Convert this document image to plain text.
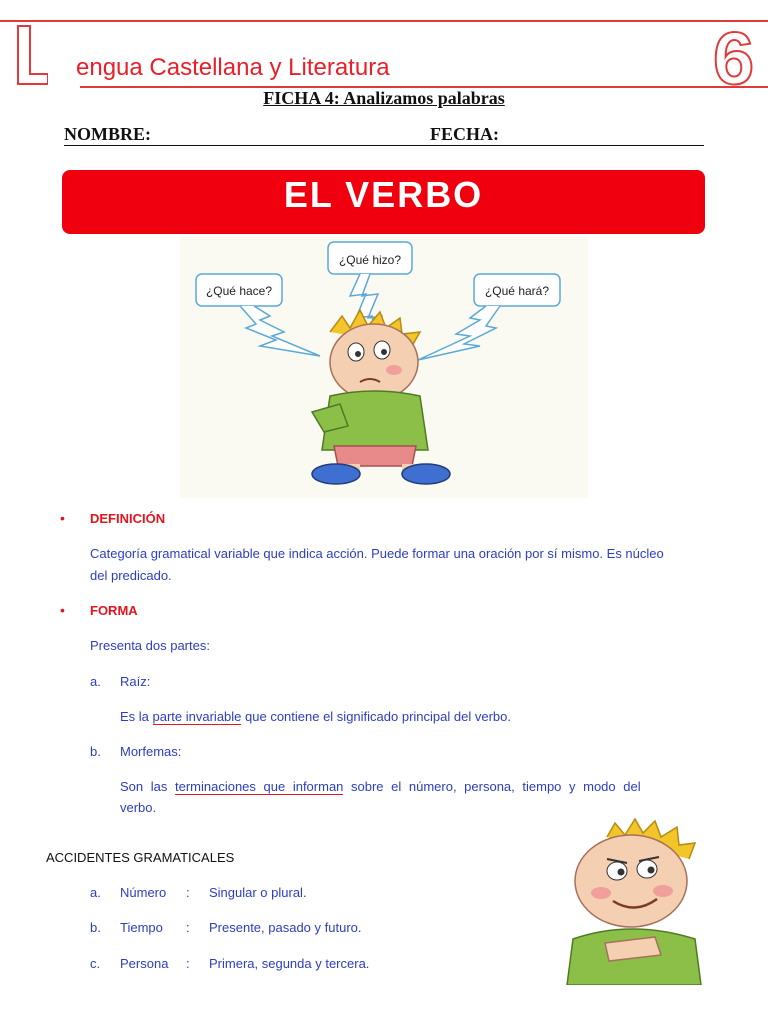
engua Castellana y Literatura	6
FICHA 4: Analizamos palabras
NOMBRE:	FECHA:
EL VERBO
¿Qué hizo?
¿Qué hace?	¿Qué hará?
• DEFINICIÓN
Categoría gramatical variable que indica acción. Puede formar una oración por sí mismo. Es núcleo
del predicado.
• FORMA
Presenta dos partes:
a. Raíz:
Es la parte invariable que contiene el significado principal del verbo.
b. Morfemas:
Son las terminaciones que informan sobre el número, persona, tiempo y modo del
verbo.
ACCIDENTES GRAMATICALES
a. Número : Singular o plural.
b. Tiempo : Presente, pasado y futuro.
c. Persona : Primera, segunda y tercera.
